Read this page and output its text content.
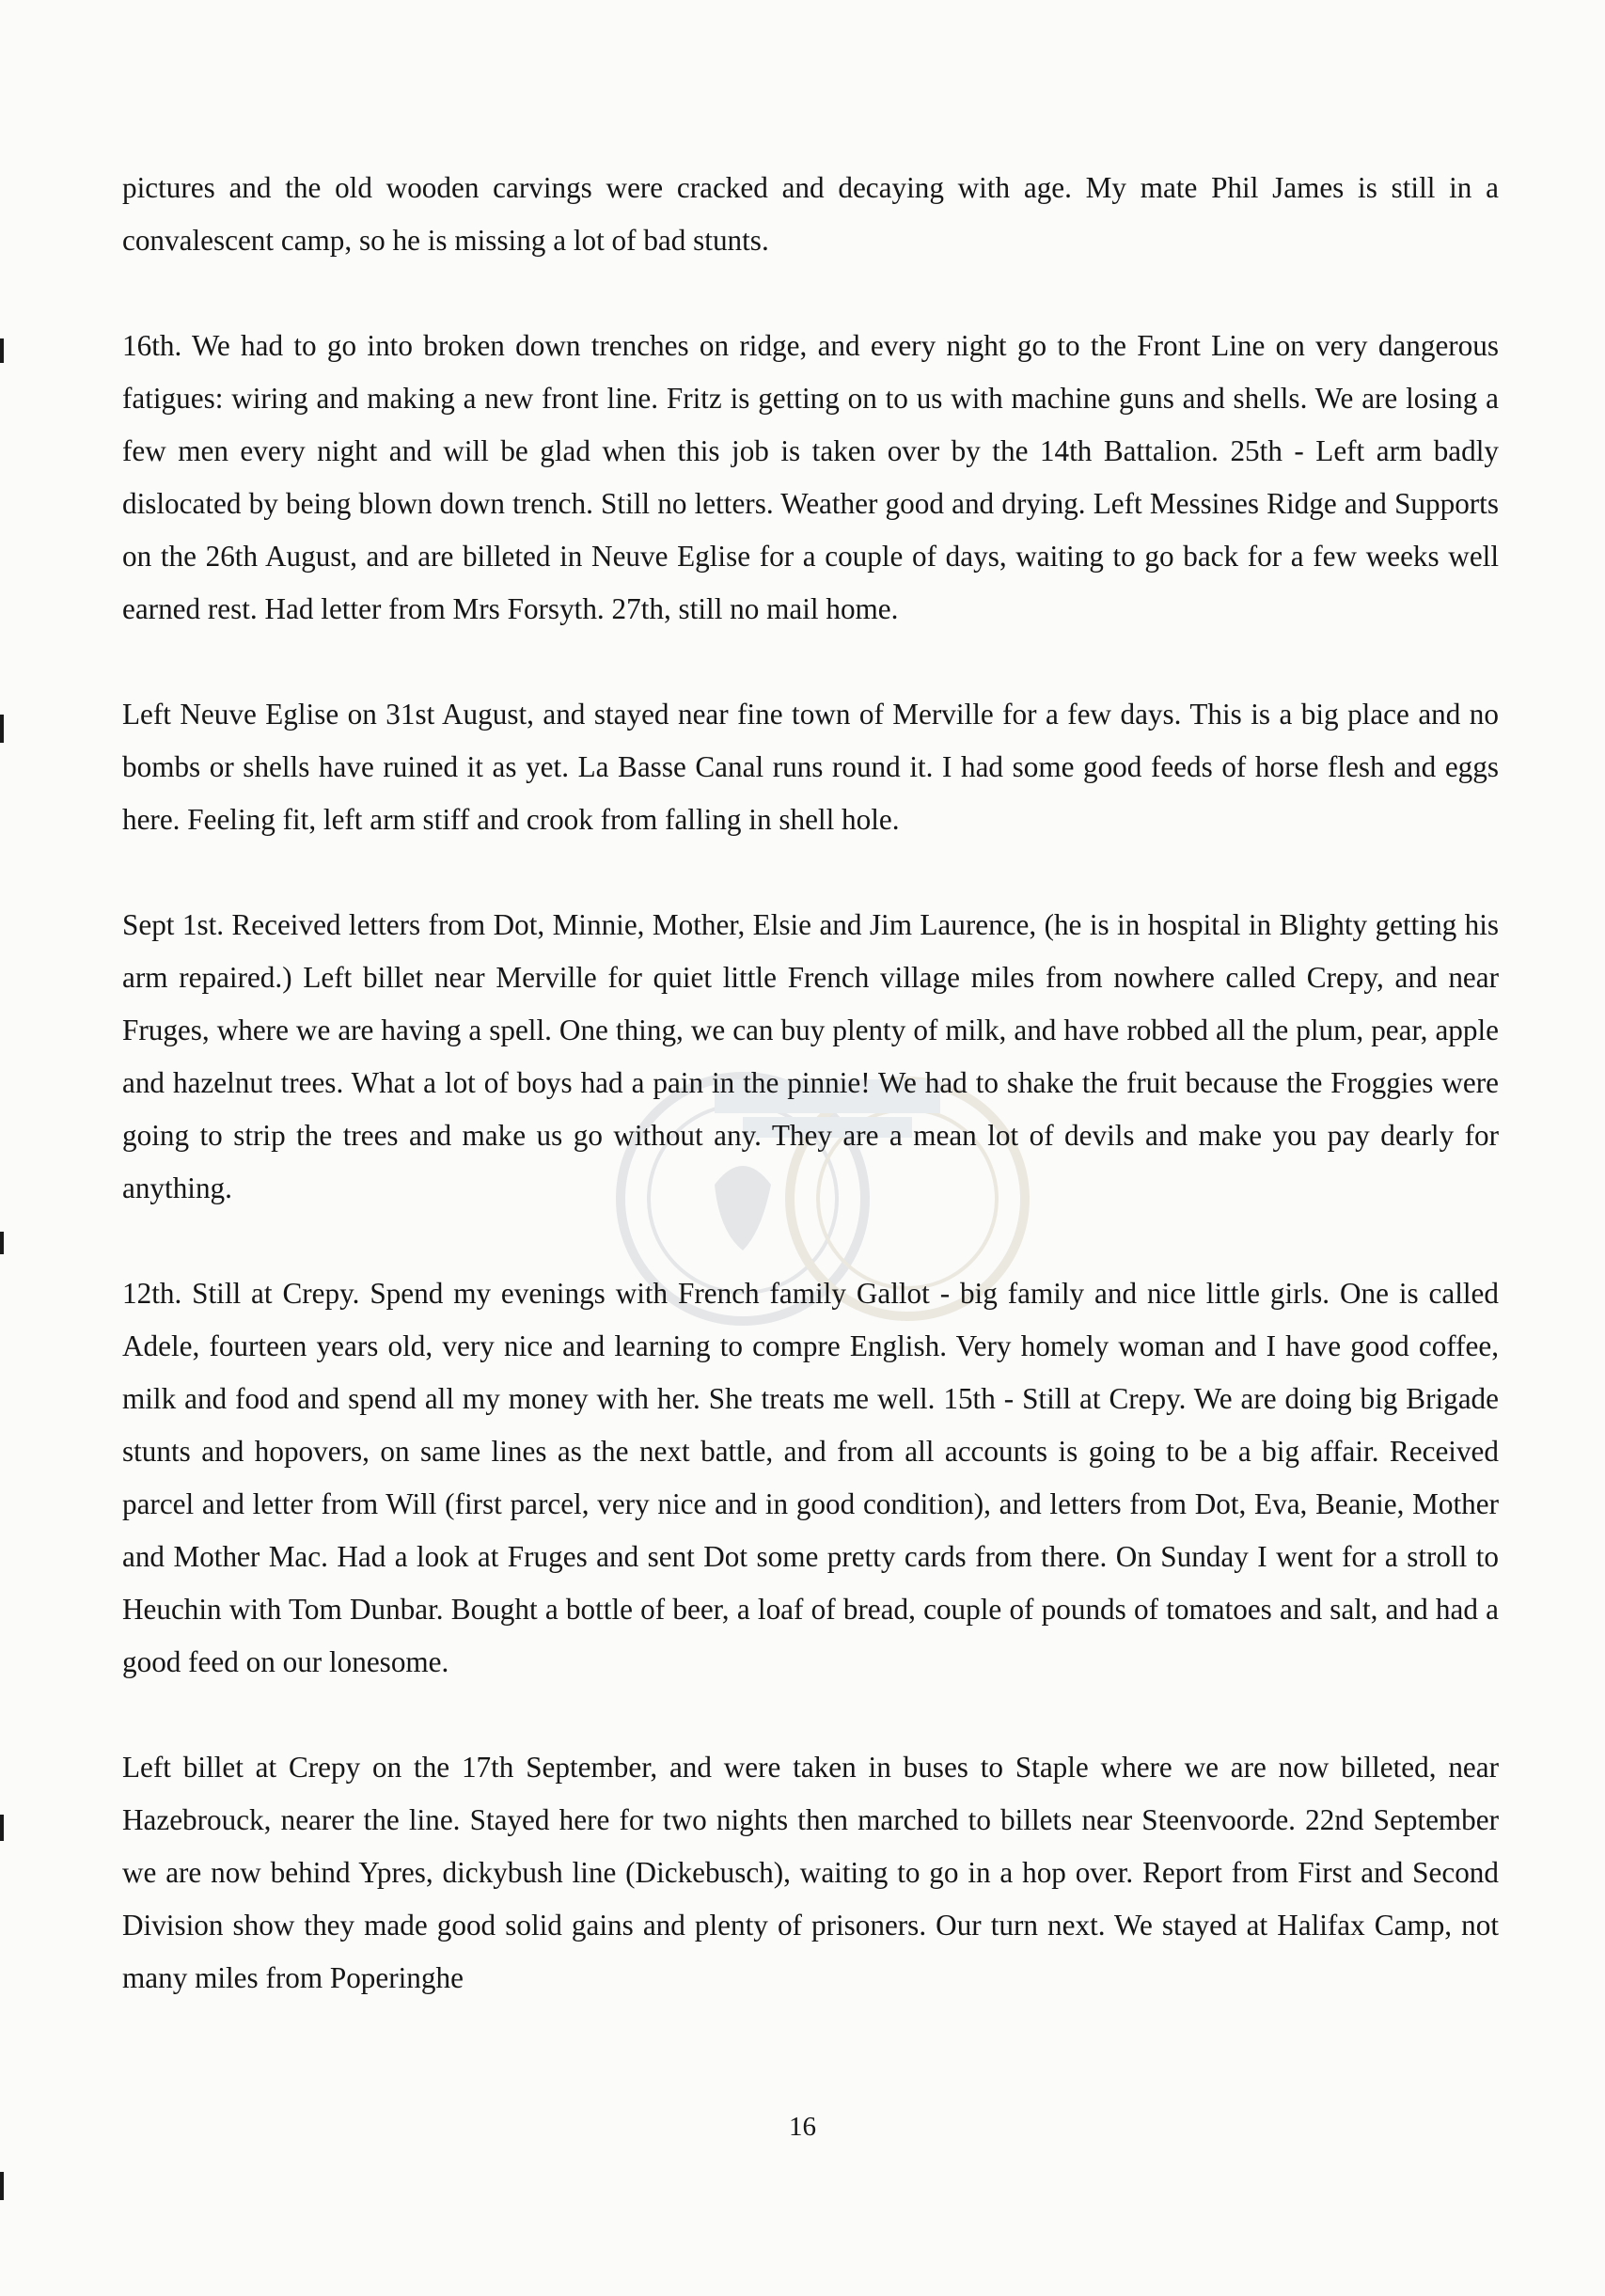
pictures and the old wooden carvings were cracked and decaying with age. My mate Phil James is still in a convalescent camp, so he is missing a lot of bad stunts.

16th. We had to go into broken down trenches on ridge, and every night go to the Front Line on very dangerous fatigues: wiring and making a new front line. Fritz is getting on to us with machine guns and shells. We are losing a few men every night and will be glad when this job is taken over by the 14th Battalion. 25th - Left arm badly dislocated by being blown down trench. Still no letters. Weather good and drying. Left Messines Ridge and Supports on the 26th August, and are billeted in Neuve Eglise for a couple of days, waiting to go back for a few weeks well earned rest. Had letter from Mrs Forsyth. 27th, still no mail home.

Left Neuve Eglise on 31st August, and stayed near fine town of Merville for a few days. This is a big place and no bombs or shells have ruined it as yet. La Basse Canal runs round it. I had some good feeds of horse flesh and eggs here. Feeling fit, left arm stiff and crook from falling in shell hole.

Sept 1st. Received letters from Dot, Minnie, Mother, Elsie and Jim Laurence, (he is in hospital in Blighty getting his arm repaired.) Left billet near Merville for quiet little French village miles from nowhere called Crepy, and near Fruges, where we are having a spell. One thing, we can buy plenty of milk, and have robbed all the plum, pear, apple and hazelnut trees. What a lot of boys had a pain in the pinnie! We had to shake the fruit because the Froggies were going to strip the trees and make us go without any. They are a mean lot of devils and make you pay dearly for anything.

12th. Still at Crepy. Spend my evenings with French family Gallot - big family and nice little girls. One is called Adele, fourteen years old, very nice and learning to compre English. Very homely woman and I have good coffee, milk and food and spend all my money with her. She treats me well. 15th - Still at Crepy. We are doing big Brigade stunts and hopovers, on same lines as the next battle, and from all accounts is going to be a big affair. Received parcel and letter from Will (first parcel, very nice and in good condition), and letters from Dot, Eva, Beanie, Mother and Mother Mac. Had a look at Fruges and sent Dot some pretty cards from there. On Sunday I went for a stroll to Heuchin with Tom Dunbar. Bought a bottle of beer, a loaf of bread, couple of pounds of tomatoes and salt, and had a good feed on our lonesome.

Left billet at Crepy on the 17th September, and were taken in buses to Staple where we are now billeted, near Hazebrouck, nearer the line. Stayed here for two nights then marched to billets near Steenvoorde. 22nd September we are now behind Ypres, dickybush line (Dickebusch), waiting to go in a hop over. Report from First and Second Division show they made good solid gains and plenty of prisoners. Our turn next. We stayed at Halifax Camp, not many miles from Poperinghe

16
